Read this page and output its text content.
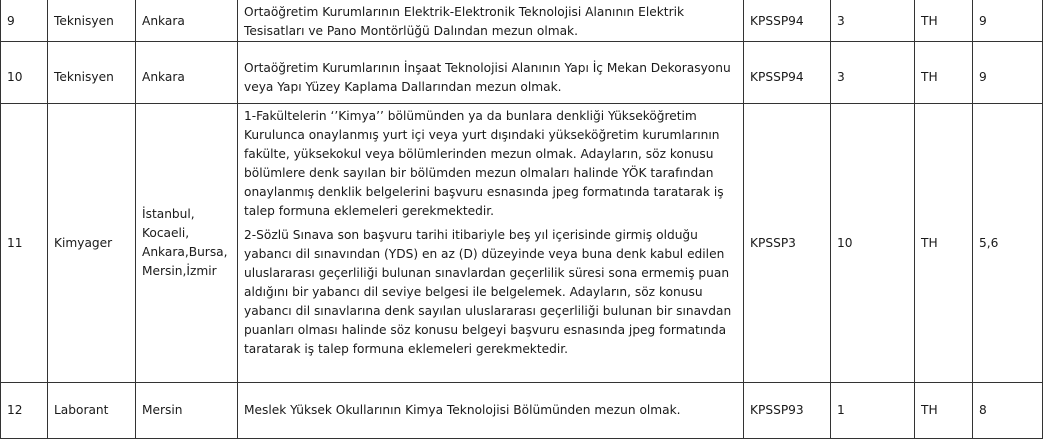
9	Teknisyen	Ankara	Ortaöğretim Kurumlarının Elektrik-Elektronik Teknolojisi Alanının Elektrik Tesisatları ve Pano Montörlüğü Dalından mezun olmak.	KPSSP94	3	TH	9
10	Teknisyen	Ankara	Ortaöğretim Kurumlarının İnşaat Teknolojisi Alanının Yapı İç Mekan Dekorasyonu veya Yapı Yüzey Kaplama Dallarından mezun olmak.	KPSSP94	3	TH	9
11	Kimyager	İstanbul, Kocaeli, Ankara,Bursa, Mersin,İzmir	1-Fakültelerin ‘’Kimya’’ bölümünden ya da bunlara denkliği Yükseköğretim Kurulunca onaylanmış yurt içi veya yurt dışındaki yükseköğretim kurumlarının fakülte, yüksekokul veya bölümlerinden mezun olmak. Adayların, söz konusu bölümlere denk sayılan bir bölümden mezun olmaları halinde YÖK tarafından onaylanmış denklik belgelerini başvuru esnasında jpeg formatında taratarak iş talep formuna eklemeleri gerekmektedir.

2-Sözlü Sınava son başvuru tarihi itibariyle beş yıl içerisinde girmiş olduğu yabancı dil sınavından (YDS) en az (D) düzeyinde veya buna denk kabul edilen uluslararası geçerliliği bulunan sınavlardan geçerlilik süresi sona ermemiş puan aldığını bir yabancı dil seviye belgesi ile belgelemek. Adayların, söz konusu yabancı dil sınavlarına denk sayılan uluslararası geçerliliği bulunan bir sınavdan puanları olması halinde söz konusu belgeyi başvuru esnasında jpeg formatında taratarak iş talep formuna eklemeleri gerekmektedir.	KPSSP3	10	TH	5,6
12	Laborant	Mersin	Meslek Yüksek Okullarının Kimya Teknolojisi Bölümünden mezun olmak.	KPSSP93	1	TH	8
